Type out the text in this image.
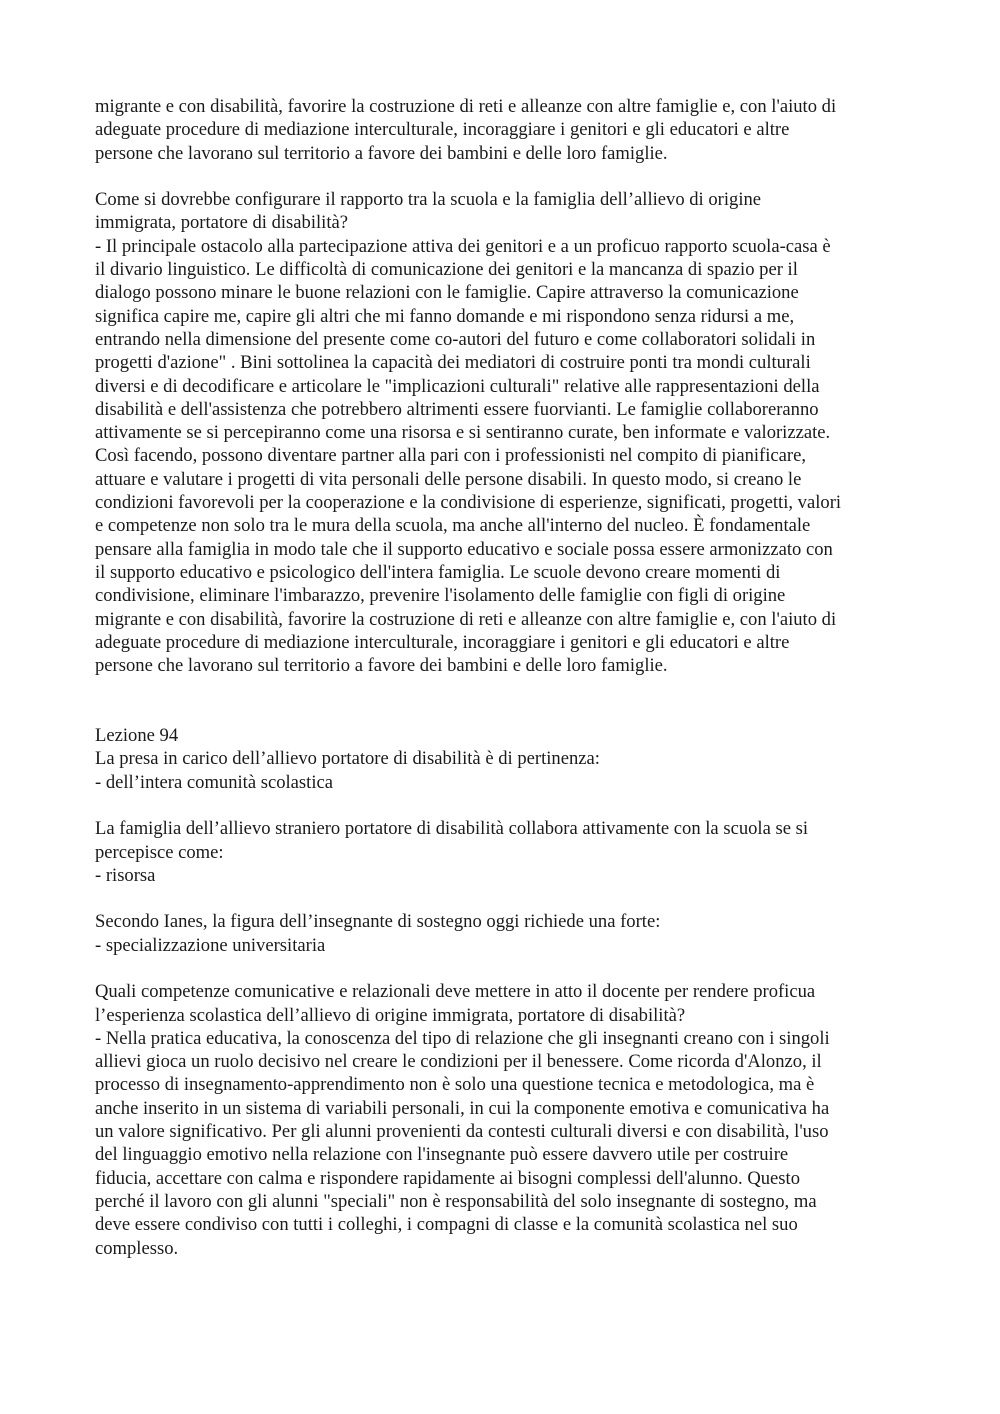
migrante e con disabilità, favorire la costruzione di reti e alleanze con altre famiglie e, con l'aiuto di
adeguate procedure di mediazione interculturale, incoraggiare i genitori e gli educatori e altre
persone che lavorano sul territorio a favore dei bambini e delle loro famiglie.
Come si dovrebbe configurare il rapporto tra la scuola e la famiglia dell’allievo di origine
immigrata, portatore di disabilità?
- Il principale ostacolo alla partecipazione attiva dei genitori e a un proficuo rapporto scuola-casa è
il divario linguistico. Le difficoltà di comunicazione dei genitori e la mancanza di spazio per il
dialogo possono minare le buone relazioni con le famiglie. Capire attraverso la comunicazione
significa capire me, capire gli altri che mi fanno domande e mi rispondono senza ridursi a me,
entrando nella dimensione del presente come co-autori del futuro e come collaboratori solidali in
progetti d'azione" . Bini sottolinea la capacità dei mediatori di costruire ponti tra mondi culturali
diversi e di decodificare e articolare le "implicazioni culturali" relative alle rappresentazioni della
disabilità e dell'assistenza che potrebbero altrimenti essere fuorvianti. Le famiglie collaboreranno
attivamente se si percepiranno come una risorsa e si sentiranno curate, ben informate e valorizzate.
Così facendo, possono diventare partner alla pari con i professionisti nel compito di pianificare,
attuare e valutare i progetti di vita personali delle persone disabili. In questo modo, si creano le
condizioni favorevoli per la cooperazione e la condivisione di esperienze, significati, progetti, valori
e competenze non solo tra le mura della scuola, ma anche all'interno del nucleo. È fondamentale
pensare alla famiglia in modo tale che il supporto educativo e sociale possa essere armonizzato con
il supporto educativo e psicologico dell'intera famiglia. Le scuole devono creare momenti di
condivisione, eliminare l'imbarazzo, prevenire l'isolamento delle famiglie con figli di origine
migrante e con disabilità, favorire la costruzione di reti e alleanze con altre famiglie e, con l'aiuto di
adeguate procedure di mediazione interculturale, incoraggiare i genitori e gli educatori e altre
persone che lavorano sul territorio a favore dei bambini e delle loro famiglie.
Lezione 94
La presa in carico dell’allievo portatore di disabilità è di pertinenza:
- dell’intera comunità scolastica
La famiglia dell’allievo straniero portatore di disabilità collabora attivamente con la scuola se si
percepisce come:
- risorsa
Secondo Ianes, la figura dell’insegnante di sostegno oggi richiede una forte:
- specializzazione universitaria
Quali competenze comunicative e relazionali deve mettere in atto il docente per rendere proficua
l’esperienza scolastica dell’allievo di origine immigrata, portatore di disabilità?
- Nella pratica educativa, la conoscenza del tipo di relazione che gli insegnanti creano con i singoli
allievi gioca un ruolo decisivo nel creare le condizioni per il benessere. Come ricorda d'Alonzo, il
processo di insegnamento-apprendimento non è solo una questione tecnica e metodologica, ma è
anche inserito in un sistema di variabili personali, in cui la componente emotiva e comunicativa ha
un valore significativo. Per gli alunni provenienti da contesti culturali diversi e con disabilità, l'uso
del linguaggio emotivo nella relazione con l'insegnante può essere davvero utile per costruire
fiducia, accettare con calma e rispondere rapidamente ai bisogni complessi dell'alunno. Questo
perché il lavoro con gli alunni "speciali" non è responsabilità del solo insegnante di sostegno, ma
deve essere condiviso con tutti i colleghi, i compagni di classe e la comunità scolastica nel suo
complesso.
